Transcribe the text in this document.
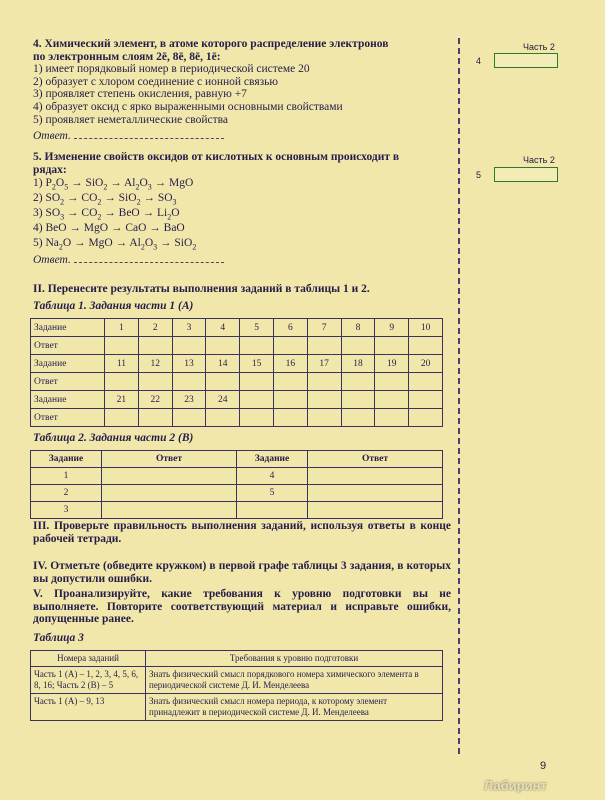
Часть 2
4
Часть 2
5
4. Химический элемент, в атоме которого распределение электронов
по электронным слоям 2ē, 8ē, 8ē, 1ē:
1) имеет порядковый номер в периодической системе 20
2) образует с хлором соединение с ионной связью
3) проявляет степень окисления, равную +7
4) образует оксид с ярко выраженными основными свойствами
5) проявляет неметаллические свойства
Ответ.
5. Изменение свойств оксидов от кислотных к основным происходит в
рядах:
1) $P_2O_5 \to SiO_2 \to Al_2O_3$ → MgO
2) $SO_2 \to CO_2 \to SiO_2 \to SO_3$
3) $SO_3 \to CO_2$ → BeO → $Li_2O$
4) BeO → MgO → CaO → BaO
5) $Na_2O$ → MgO → $Al_2O_3 \to SiO_2$
Ответ.
II. Перенесите результаты выполнения заданий в таблицы 1 и 2.
Таблица 1. Задания части 1 (А)
Задание	1	2	3	4	5	6	7	8	9	10
Ответ										
Задание	11	12	13	14	15	16	17	18	19	20
Ответ										
Задание	21	22	23	24						
Ответ										
Таблица 2. Задания части 2 (В)
Задание	Ответ	Задание	Ответ
1		4	
2		5	
3			
III. Проверьте правильность выполнения заданий, используя ответы в конце рабочей тетради.
IV. Отметьте (обведите кружком) в первой графе таблицы 3 задания, в которых вы допустили ошибки.
V. Проанализируйте, какие требования к уровню подготовки вы не выполняете. Повторите соответствующий материал и исправьте ошибки, допущенные ранее.
Таблица 3
Номера заданий	Требования к уровню подготовки
Часть 1 (А) – 1, 2, 3, 4, 5, 6, 8, 16; Часть 2 (В) – 5	Знать физический смысл порядкового номера химического элемента в периодической системе Д. И. Менделеева
Часть 1 (А) – 9, 13	Знать физический смысл номера периода, к которому элемент принадлежит в периодической системе Д. И. Менделеева
9
Лабиринт
